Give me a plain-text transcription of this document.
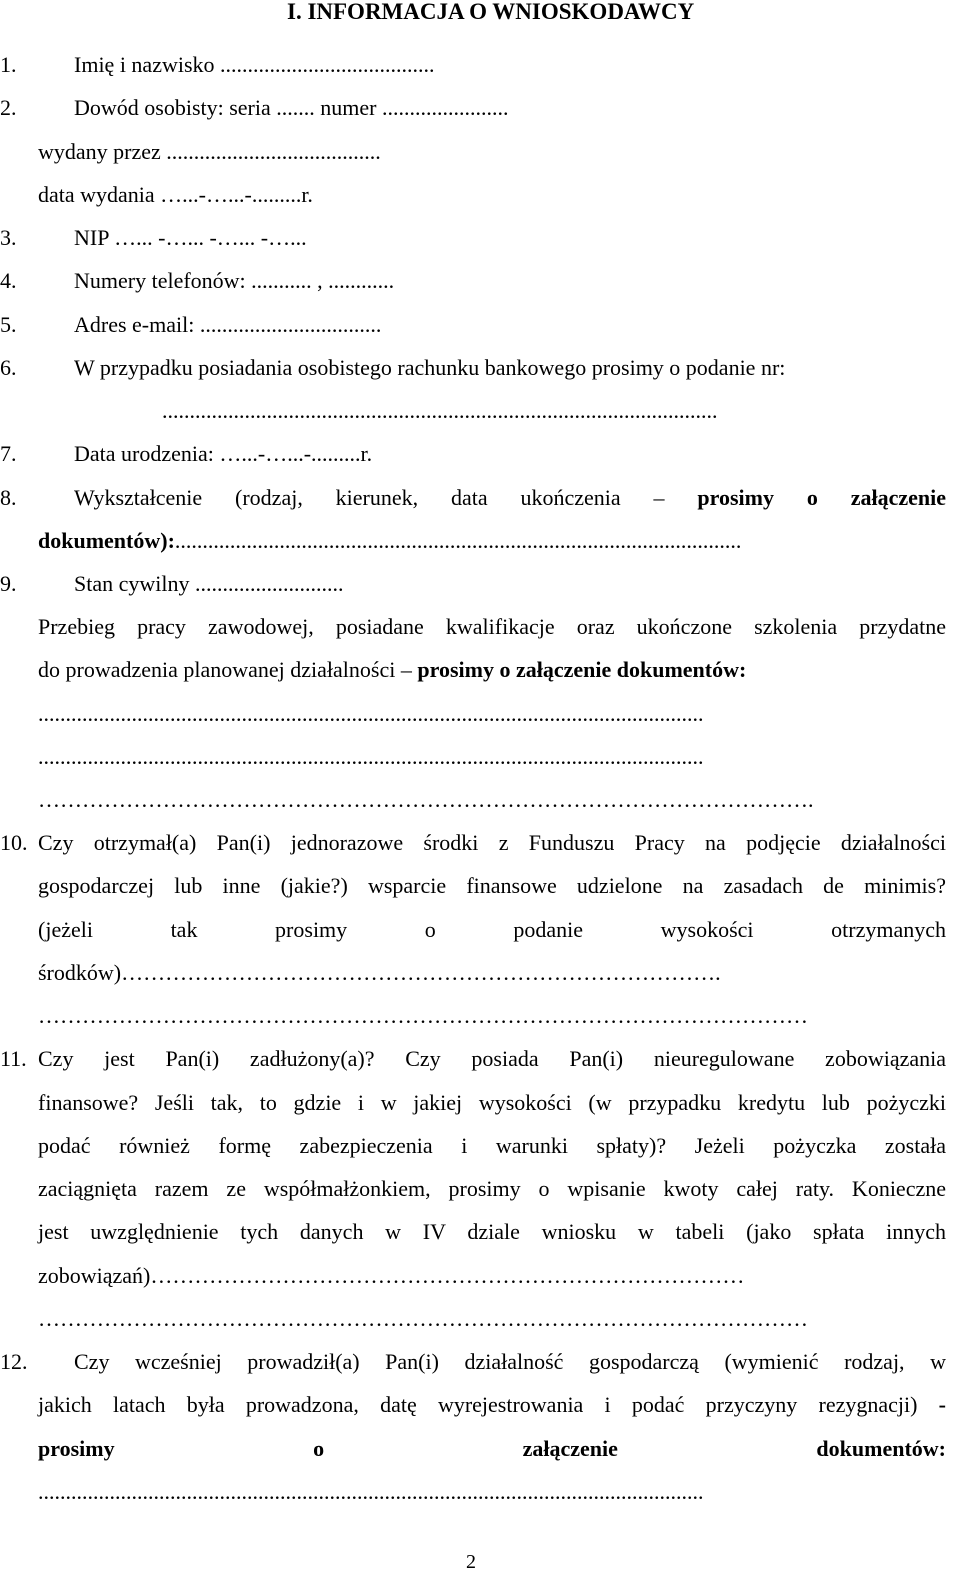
I. INFORMACJA O WNIOSKODAWCY
1.	Imię i nazwisko .......................................
2.	Dowód osobisty: seria ....... numer .......................
wydany przez .......................................
data wydania …...-…...-.........r.
3.	NIP …... -…... -…... -…...
4.	Numery telefonów: ........... , ............
5.	Adres e-mail: .................................
6.	W przypadku posiadania osobistego rachunku bankowego prosimy o podanie nr:
.....................................................................................................
7.	Data urodzenia: …...-…...-.........r.
8.	Wykształcenie (rodzaj, kierunek, data ukończenia – prosimy o załączenie
dokumentów):.......................................................................................................
9.	Stan cywilny ...........................
Przebieg pracy zawodowej, posiadane kwalifikacje oraz ukończone szkolenia przydatne
do prowadzenia planowanej działalności – prosimy o załączenie dokumentów:
.........................................................................................................................
.........................................................................................................................
…………………………………………………………………………………………….
10. Czy otrzymał(a) Pan(i) jednorazowe środki z Funduszu Pracy na podjęcie działalności
gospodarczej lub inne (jakie?) wsparcie finansowe udzielone na zasadach de minimis?
(jeżeli tak prosimy o podanie wysokości otrzymanych
środków)……………………………………………………………………….
……………………………………………………………………………………………
11. Czy jest Pan(i) zadłużony(a)? Czy posiada Pan(i) nieuregulowane zobowiązania
finansowe? Jeśli tak, to gdzie i w jakiej wysokości (w przypadku kredytu lub pożyczki
podać również formę zabezpieczenia i warunki spłaty)? Jeżeli pożyczka została
zaciągnięta razem ze współmałżonkiem, prosimy o wpisanie kwoty całej raty. Konieczne
jest uwzględnienie tych danych w IV dziale wniosku w tabeli (jako spłata innych
zobowiązań)………………………………………………………………………
……………………………………………………………………………………………
12. Czy wcześniej prowadził(a) Pan(i) działalność gospodarczą (wymienić rodzaj, w
jakich latach była prowadzona, datę wyrejestrowania i podać przyczyny rezygnacji) -
prosimy	o załączenie dokumentów:
.........................................................................................................................
2
